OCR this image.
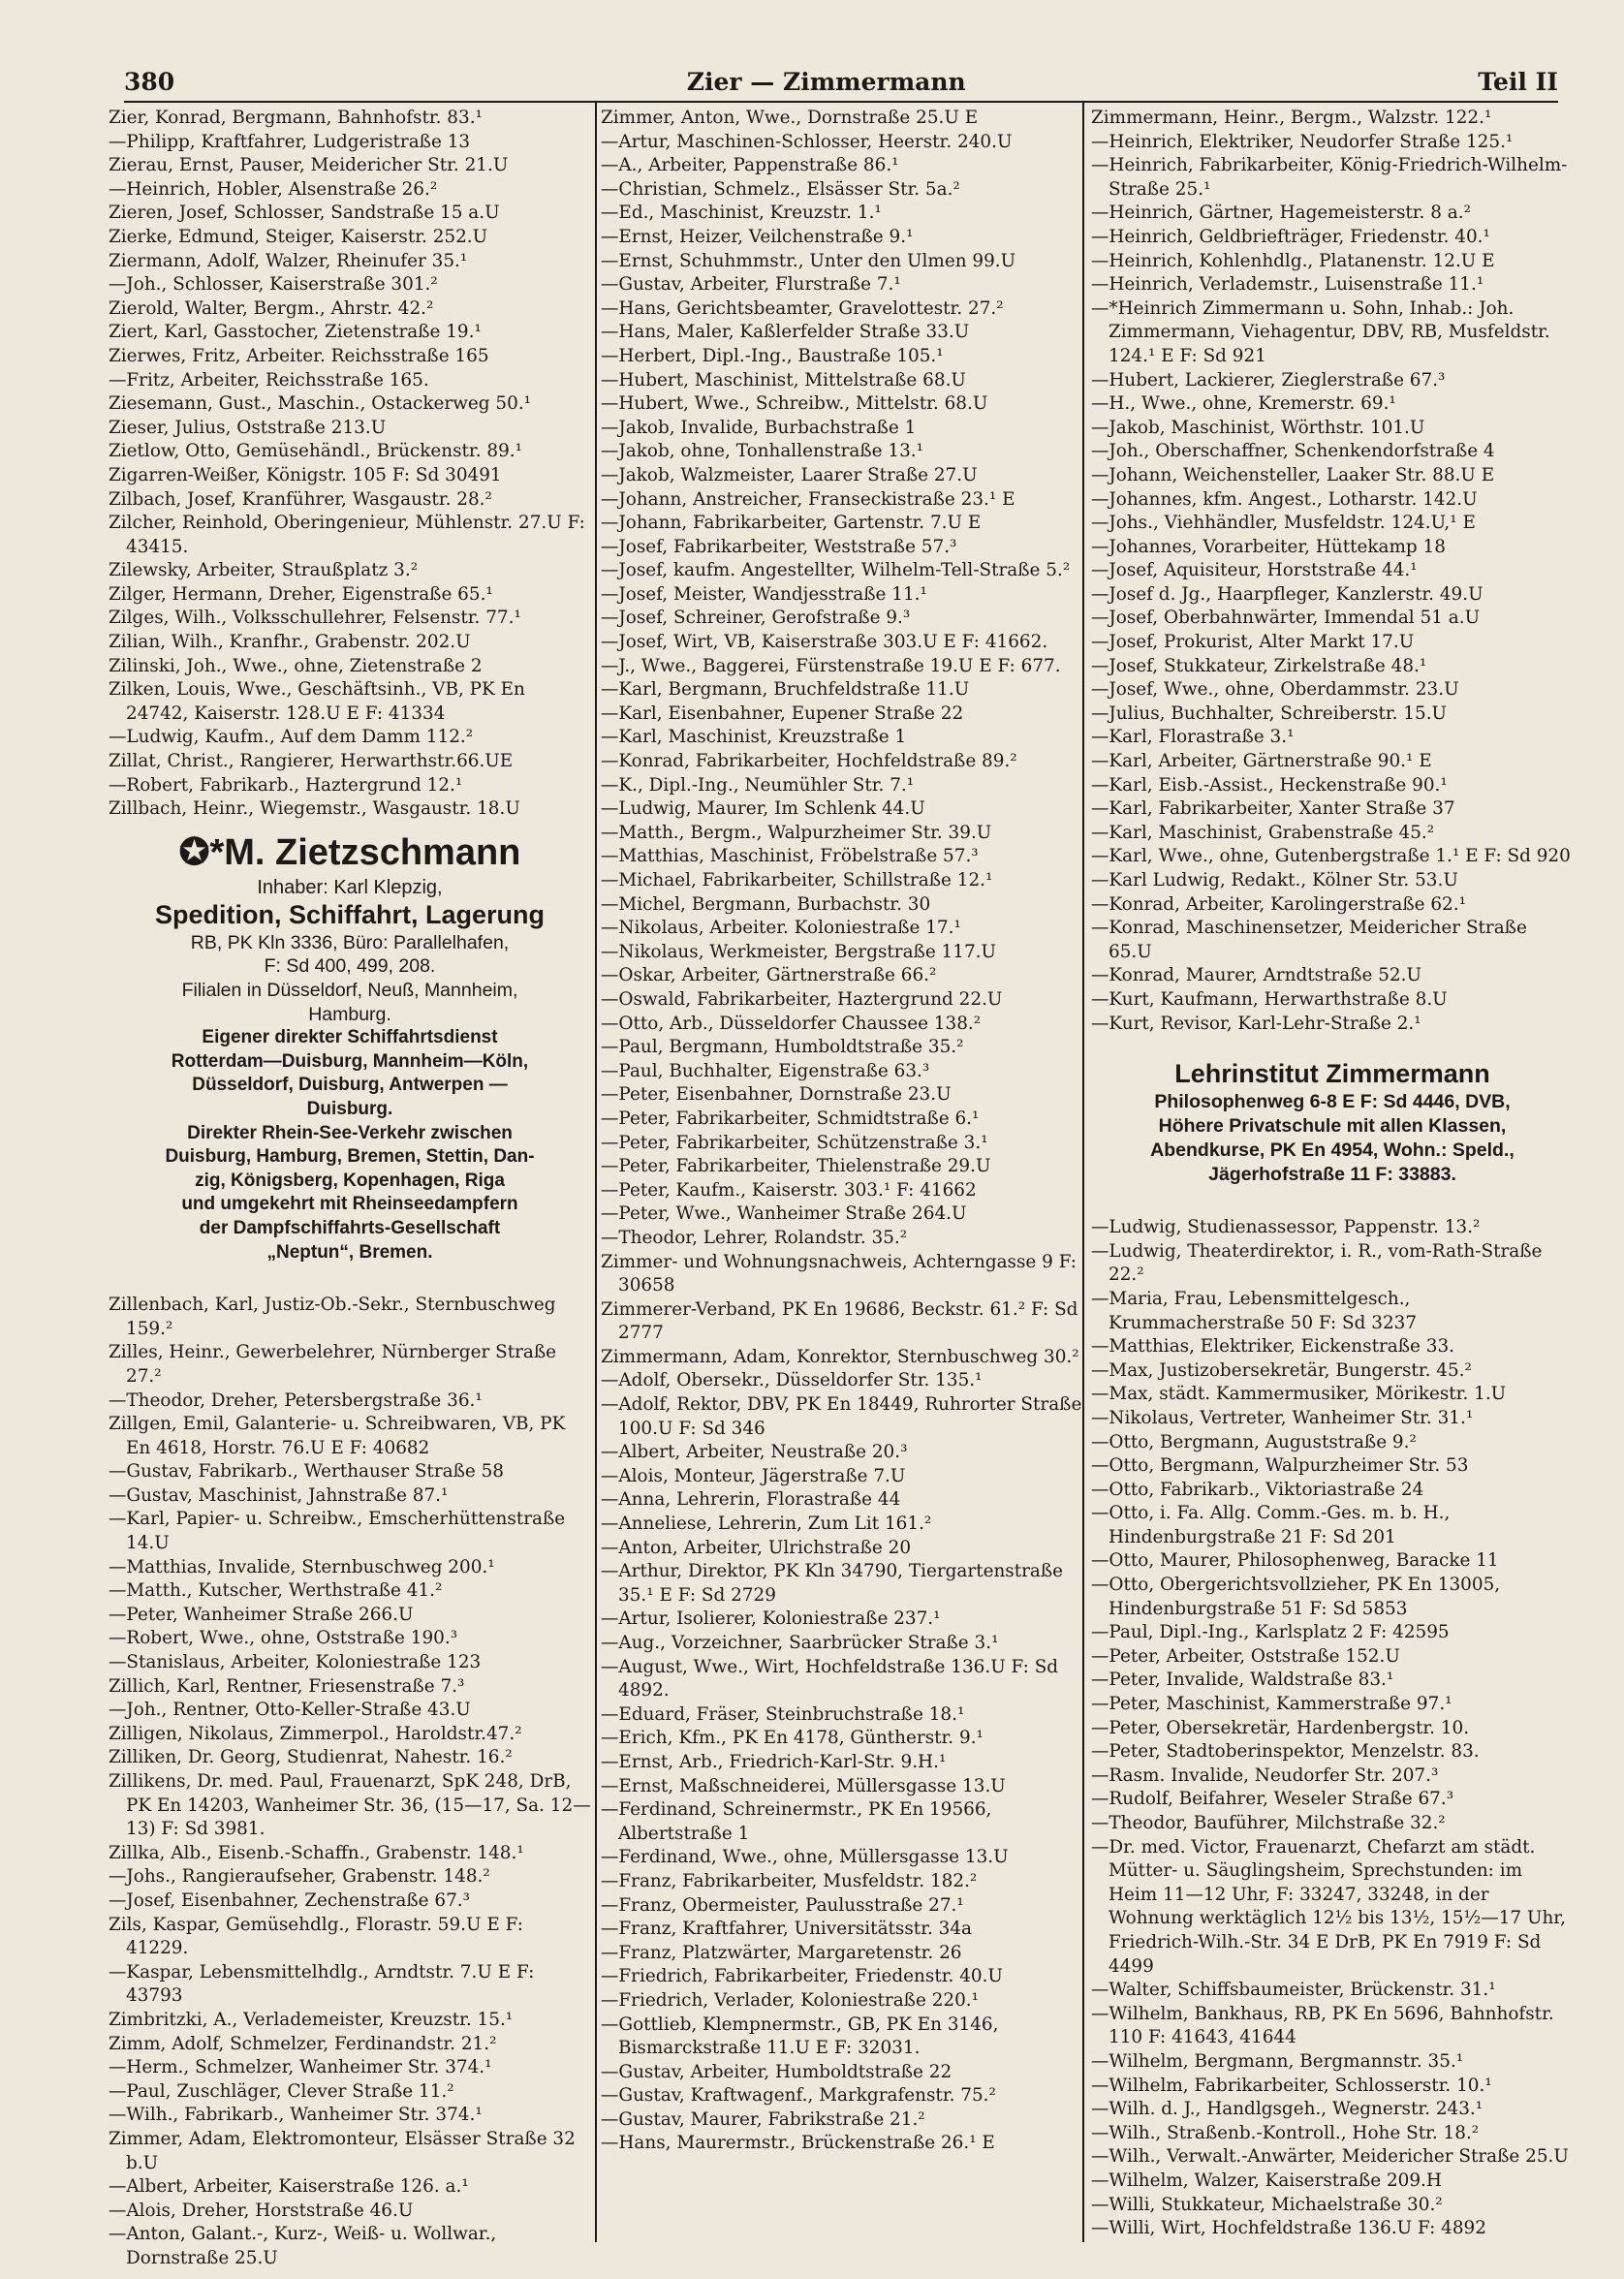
380	Zier — Zimmermann	Teil II

Zier, Konrad, Bergmann, Bahnhofstr. 83.¹

—Philipp, Kraftfahrer, Ludgeristraße 13

Zierau, Ernst, Pauser, Meidericher Str. 21.U

—Heinrich, Hobler, Alsenstraße 26.²

Zieren, Josef, Schlosser, Sandstraße 15 a.U

Zierke, Edmund, Steiger, Kaiserstr. 252.U

Ziermann, Adolf, Walzer, Rheinufer 35.¹

—Joh., Schlosser, Kaiserstraße 301.²

Zierold, Walter, Bergm., Ahrstr. 42.²

Ziert, Karl, Gasstocher, Zietenstraße 19.¹

Zierwes, Fritz, Arbeiter. Reichsstraße 165

—Fritz, Arbeiter, Reichsstraße 165.

Ziesemann, Gust., Maschin., Ostackerweg 50.¹

Zieser, Julius, Oststraße 213.U

Zietlow, Otto, Gemüsehändl., Brückenstr. 89.¹

Zigarren-Weißer, Königstr. 105 F: Sd 30491

Zilbach, Josef, Kranführer, Wasgaustr. 28.²

Zilcher, Reinhold, Oberingenieur, Mühlenstr. 27.U F: 43415.

Zilewsky, Arbeiter, Straußplatz 3.²

Zilger, Hermann, Dreher, Eigenstraße 65.¹

Zilges, Wilh., Volksschullehrer, Felsenstr. 77.¹

Zilian, Wilh., Kranfhr., Grabenstr. 202.U

Zilinski, Joh., Wwe., ohne, Zietenstraße 2

Zilken, Louis, Wwe., Geschäftsinh., VB, PK En 24742, Kaiserstr. 128.U E F: 41334

—Ludwig, Kaufm., Auf dem Damm 112.²

Zillat, Christ., Rangierer, Herwarthstr.66.UE

—Robert, Fabrikarb., Haztergrund 12.¹

Zillbach, Heinr., Wiegemstr., Wasgaustr. 18.U

✪*M. Zietzschmann
Inhaber: Karl Klepzig,
Spedition, Schiffahrt, Lagerung

RB, PK Kln 3336, Büro: Parallelhafen,

F: Sd 400, 499, 208.

Filialen in Düsseldorf, Neuß, Mannheim,

Hamburg.

Eigener direkter Schiffahrtsdienst

Rotterdam—Duisburg, Mannheim—Köln,

Düsseldorf, Duisburg, Antwerpen —

Duisburg.

Direkter Rhein-See-Verkehr zwischen

Duisburg, Hamburg, Bremen, Stettin, Dan-

zig, Königsberg, Kopenhagen, Riga

und umgekehrt mit Rheinseedampfern

der Dampfschiffahrts-Gesellschaft

„Neptun“, Bremen.

Zillenbach, Karl, Justiz-Ob.-Sekr., Sternbuschweg 159.²

Zilles, Heinr., Gewerbelehrer, Nürnberger Straße 27.²

—Theodor, Dreher, Petersbergstraße 36.¹

Zillgen, Emil, Galanterie- u. Schreibwaren, VB, PK En 4618, Horstr. 76.U E F: 40682

—Gustav, Fabrikarb., Werthauser Straße 58

—Gustav, Maschinist, Jahnstraße 87.¹

—Karl, Papier- u. Schreibw., Emscherhüttenstraße 14.U

—Matthias, Invalide, Sternbuschweg 200.¹

—Matth., Kutscher, Werthstraße 41.²

—Peter, Wanheimer Straße 266.U

—Robert, Wwe., ohne, Oststraße 190.³

—Stanislaus, Arbeiter, Koloniestraße 123

Zillich, Karl, Rentner, Friesenstraße 7.³

—Joh., Rentner, Otto-Keller-Straße 43.U

Zilligen, Nikolaus, Zimmerpol., Haroldstr.47.²

Zilliken, Dr. Georg, Studienrat, Nahestr. 16.²

Zillikens, Dr. med. Paul, Frauenarzt, SpK 248, DrB, PK En 14203, Wanheimer Str. 36, (15—17, Sa. 12—13) F: Sd 3981.

Zillka, Alb., Eisenb.-Schaffn., Grabenstr. 148.¹

—Johs., Rangieraufseher, Grabenstr. 148.²

—Josef, Eisenbahner, Zechenstraße 67.³

Zils, Kaspar, Gemüsehdlg., Florastr. 59.U E F: 41229.

—Kaspar, Lebensmittelhdlg., Arndtstr. 7.U E F: 43793

Zimbritzki, A., Verlademeister, Kreuzstr. 15.¹

Zimm, Adolf, Schmelzer, Ferdinandstr. 21.²

—Herm., Schmelzer, Wanheimer Str. 374.¹

—Paul, Zuschläger, Clever Straße 11.²

—Wilh., Fabrikarb., Wanheimer Str. 374.¹

Zimmer, Adam, Elektromonteur, Elsässer Straße 32 b.U

—Albert, Arbeiter, Kaiserstraße 126. a.¹

—Alois, Dreher, Horststraße 46.U

—Anton, Galant.-, Kurz-, Weiß- u. Wollwar., Dornstraße 25.U

Zimmer, Anton, Wwe., Dornstraße 25.U E

—Artur, Maschinen-Schlosser, Heerstr. 240.U

—A., Arbeiter, Pappenstraße 86.¹

—Christian, Schmelz., Elsässer Str. 5a.²

—Ed., Maschinist, Kreuzstr. 1.¹

—Ernst, Heizer, Veilchenstraße 9.¹

—Ernst, Schuhmmstr., Unter den Ulmen 99.U

—Gustav, Arbeiter, Flurstraße 7.¹

—Hans, Gerichtsbeamter, Gravelottestr. 27.²

—Hans, Maler, Kaßlerfelder Straße 33.U

—Herbert, Dipl.-Ing., Baustraße 105.¹

—Hubert, Maschinist, Mittelstraße 68.U

—Hubert, Wwe., Schreibw., Mittelstr. 68.U

—Jakob, Invalide, Burbachstraße 1

—Jakob, ohne, Tonhallenstraße 13.¹

—Jakob, Walzmeister, Laarer Straße 27.U

—Johann, Anstreicher, Franseckistraße 23.¹ E

—Johann, Fabrikarbeiter, Gartenstr. 7.U E

—Josef, Fabrikarbeiter, Weststraße 57.³

—Josef, kaufm. Angestellter, Wilhelm-Tell-Straße 5.²

—Josef, Meister, Wandjesstraße 11.¹

—Josef, Schreiner, Gerofstraße 9.³

—Josef, Wirt, VB, Kaiserstraße 303.U E F: 41662.

—J., Wwe., Baggerei, Fürstenstraße 19.U E F: 677.

—Karl, Bergmann, Bruchfeldstraße 11.U

—Karl, Eisenbahner, Eupener Straße 22

—Karl, Maschinist, Kreuzstraße 1

—Konrad, Fabrikarbeiter, Hochfeldstraße 89.²

—K., Dipl.-Ing., Neumühler Str. 7.¹

—Ludwig, Maurer, Im Schlenk 44.U

—Matth., Bergm., Walpurzheimer Str. 39.U

—Matthias, Maschinist, Fröbelstraße 57.³

—Michael, Fabrikarbeiter, Schillstraße 12.¹

—Michel, Bergmann, Burbachstr. 30

—Nikolaus, Arbeiter. Koloniestraße 17.¹

—Nikolaus, Werkmeister, Bergstraße 117.U

—Oskar, Arbeiter, Gärtnerstraße 66.²

—Oswald, Fabrikarbeiter, Haztergrund 22.U

—Otto, Arb., Düsseldorfer Chaussee 138.²

—Paul, Bergmann, Humboldtstraße 35.²

—Paul, Buchhalter, Eigenstraße 63.³

—Peter, Eisenbahner, Dornstraße 23.U

—Peter, Fabrikarbeiter, Schmidtstraße 6.¹

—Peter, Fabrikarbeiter, Schützenstraße 3.¹

—Peter, Fabrikarbeiter, Thielenstraße 29.U

—Peter, Kaufm., Kaiserstr. 303.¹ F: 41662

—Peter, Wwe., Wanheimer Straße 264.U

—Theodor, Lehrer, Rolandstr. 35.²

Zimmer- und Wohnungsnachweis, Achterngasse 9 F: 30658

Zimmerer-Verband, PK En 19686, Beckstr. 61.² F: Sd 2777

Zimmermann, Adam, Konrektor, Sternbuschweg 30.²

—Adolf, Obersekr., Düsseldorfer Str. 135.¹

—Adolf, Rektor, DBV, PK En 18449, Ruhrorter Straße 100.U F: Sd 346

—Albert, Arbeiter, Neustraße 20.³

—Alois, Monteur, Jägerstraße 7.U

—Anna, Lehrerin, Florastraße 44

—Anneliese, Lehrerin, Zum Lit 161.²

—Anton, Arbeiter, Ulrichstraße 20

—Arthur, Direktor, PK Kln 34790, Tiergartenstraße 35.¹ E F: Sd 2729

—Artur, Isolierer, Koloniestraße 237.¹

—Aug., Vorzeichner, Saarbrücker Straße 3.¹

—August, Wwe., Wirt, Hochfeldstraße 136.U F: Sd 4892.

—Eduard, Fräser, Steinbruchstraße 18.¹

—Erich, Kfm., PK En 4178, Güntherstr. 9.¹

—Ernst, Arb., Friedrich-Karl-Str. 9.H.¹

—Ernst, Maßschneiderei, Müllersgasse 13.U

—Ferdinand, Schreinermstr., PK En 19566, Albertstraße 1

—Ferdinand, Wwe., ohne, Müllersgasse 13.U

—Franz, Fabrikarbeiter, Musfeldstr. 182.²

—Franz, Obermeister, Paulusstraße 27.¹

—Franz, Kraftfahrer, Universitätsstr. 34a

—Franz, Platzwärter, Margaretenstr. 26

—Friedrich, Fabrikarbeiter, Friedenstr. 40.U

—Friedrich, Verlader, Koloniestraße 220.¹

—Gottlieb, Klempnermstr., GB, PK En 3146, Bismarckstraße 11.U E F: 32031.

—Gustav, Arbeiter, Humboldtstraße 22

—Gustav, Kraftwagenf., Markgrafenstr. 75.²

—Gustav, Maurer, Fabrikstraße 21.²

—Hans, Maurermstr., Brückenstraße 26.¹ E

Zimmermann, Heinr., Bergm., Walzstr. 122.¹

—Heinrich, Elektriker, Neudorfer Straße 125.¹

—Heinrich, Fabrikarbeiter, König-Friedrich-Wilhelm-Straße 25.¹

—Heinrich, Gärtner, Hagemeisterstr. 8 a.²

—Heinrich, Geldbriefträger, Friedenstr. 40.¹

—Heinrich, Kohlenhdlg., Platanenstr. 12.U E

—Heinrich, Verlademstr., Luisenstraße 11.¹

—*Heinrich Zimmermann u. Sohn, Inhab.: Joh. Zimmermann, Viehagentur, DBV, RB, Musfeldstr. 124.¹ E F: Sd 921

—Hubert, Lackierer, Zieglerstraße 67.³

—H., Wwe., ohne, Kremerstr. 69.¹

—Jakob, Maschinist, Wörthstr. 101.U

—Joh., Oberschaffner, Schenkendorfstraße 4

—Johann, Weichensteller, Laaker Str. 88.U E

—Johannes, kfm. Angest., Lotharstr. 142.U

—Johs., Viehhändler, Musfeldstr. 124.U,¹ E

—Johannes, Vorarbeiter, Hüttekamp 18

—Josef, Aquisiteur, Horststraße 44.¹

—Josef d. Jg., Haarpfleger, Kanzlerstr. 49.U

—Josef, Oberbahnwärter, Immendal 51 a.U

—Josef, Prokurist, Alter Markt 17.U

—Josef, Stukkateur, Zirkelstraße 48.¹

—Josef, Wwe., ohne, Oberdammstr. 23.U

—Julius, Buchhalter, Schreiberstr. 15.U

—Karl, Florastraße 3.¹

—Karl, Arbeiter, Gärtnerstraße 90.¹ E

—Karl, Eisb.-Assist., Heckenstraße 90.¹

—Karl, Fabrikarbeiter, Xanter Straße 37

—Karl, Maschinist, Grabenstraße 45.²

—Karl, Wwe., ohne, Gutenbergstraße 1.¹ E F: Sd 920

—Karl Ludwig, Redakt., Kölner Str. 53.U

—Konrad, Arbeiter, Karolingerstraße 62.¹

—Konrad, Maschinensetzer, Meidericher Straße 65.U

—Konrad, Maurer, Arndtstraße 52.U

—Kurt, Kaufmann, Herwarthstraße 8.U

—Kurt, Revisor, Karl-Lehr-Straße 2.¹

Lehrinstitut Zimmermann

Philosophenweg 6-8 E F: Sd 4446, DVB,

Höhere Privatschule mit allen Klassen,

Abendkurse, PK En 4954, Wohn.: Speld.,

Jägerhofstraße 11 F: 33883.

—Ludwig, Studienassessor, Pappenstr. 13.²

—Ludwig, Theaterdirektor, i. R., vom-Rath-Straße 22.²

—Maria, Frau, Lebensmittelgesch., Krummacherstraße 50 F: Sd 3237

—Matthias, Elektriker, Eickenstraße 33.

—Max, Justizobersekretär, Bungerstr. 45.²

—Max, städt. Kammermusiker, Mörikestr. 1.U

—Nikolaus, Vertreter, Wanheimer Str. 31.¹

—Otto, Bergmann, Auguststraße 9.²

—Otto, Bergmann, Walpurzheimer Str. 53

—Otto, Fabrikarb., Viktoriastraße 24

—Otto, i. Fa. Allg. Comm.-Ges. m. b. H., Hindenburgstraße 21 F: Sd 201

—Otto, Maurer, Philosophenweg, Baracke 11

—Otto, Obergerichtsvollzieher, PK En 13005, Hindenburgstraße 51 F: Sd 5853

—Paul, Dipl.-Ing., Karlsplatz 2 F: 42595

—Peter, Arbeiter, Oststraße 152.U

—Peter, Invalide, Waldstraße 83.¹

—Peter, Maschinist, Kammerstraße 97.¹

—Peter, Obersekretär, Hardenbergstr. 10.

—Peter, Stadtoberinspektor, Menzelstr. 83.

—Rasm. Invalide, Neudorfer Str. 207.³

—Rudolf, Beifahrer, Weseler Straße 67.³

—Theodor, Bauführer, Milchstraße 32.²

—Dr. med. Victor, Frauenarzt, Chefarzt am städt. Mütter- u. Säuglingsheim, Sprechstunden: im Heim 11—12 Uhr, F: 33247, 33248, in der Wohnung werktäglich 12½ bis 13½, 15½—17 Uhr, Friedrich-Wilh.-Str. 34 E DrB, PK En 7919 F: Sd 4499

—Walter, Schiffsbaumeister, Brückenstr. 31.¹

—Wilhelm, Bankhaus, RB, PK En 5696, Bahnhofstr. 110 F: 41643, 41644

—Wilhelm, Bergmann, Bergmannstr. 35.¹

—Wilhelm, Fabrikarbeiter, Schlosserstr. 10.¹

—Wilh. d. J., Handlgsgeh., Wegnerstr. 243.¹

—Wilh., Straßenb.-Kontroll., Hohe Str. 18.²

—Wilh., Verwalt.-Anwärter, Meidericher Straße 25.U

—Wilhelm, Walzer, Kaiserstraße 209.H

—Willi, Stukkateur, Michaelstraße 30.²

—Willi, Wirt, Hochfeldstraße 136.U F: 4892
